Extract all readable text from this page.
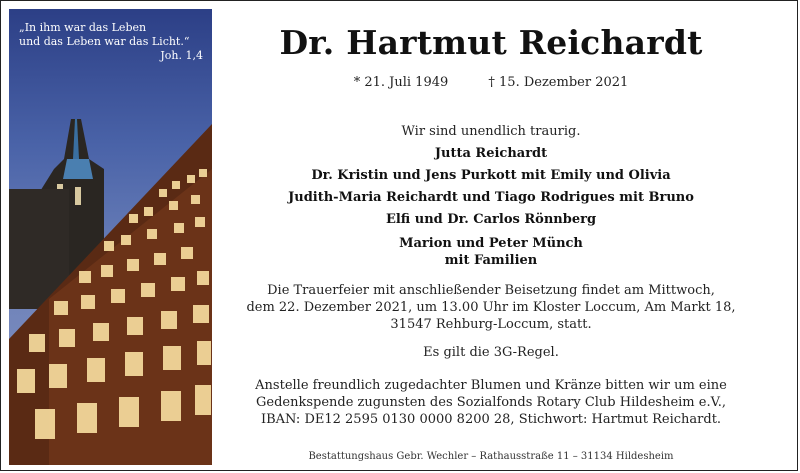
„In ihm war das Leben
und das Leben war das Licht.“
Joh. 1,4	Dr. Hartmut Reichardt
* 21. Juli 1949	† 15. Dezember 2021
Wir sind unendlich traurig.
Jutta Reichardt
Dr. Kristin und Jens Purkott mit Emily und Olivia
Judith-Maria Reichardt und Tiago Rodrigues mit Bruno
Elfi und Dr. Carlos Rönnberg
Marion und Peter Münch
mit Familien
Die Trauerfeier mit anschließender Beisetzung findet am Mittwoch,
dem 22. Dezember 2021, um 13.00 Uhr im Kloster Loccum, Am Markt 18,
31547 Rehburg-Loccum, statt.
Es gilt die 3G-Regel.
Anstelle freundlich zugedachter Blumen und Kränze bitten wir um eine
Gedenkspende zugunsten des Sozialfonds Rotary Club Hildesheim e.V.,
IBAN: DE12 2595 0130 0000 8200 28, Stichwort: Hartmut Reichardt.
Bestattungshaus Gebr. Wechler – Rathausstraße 11 – 31134 Hildesheim
